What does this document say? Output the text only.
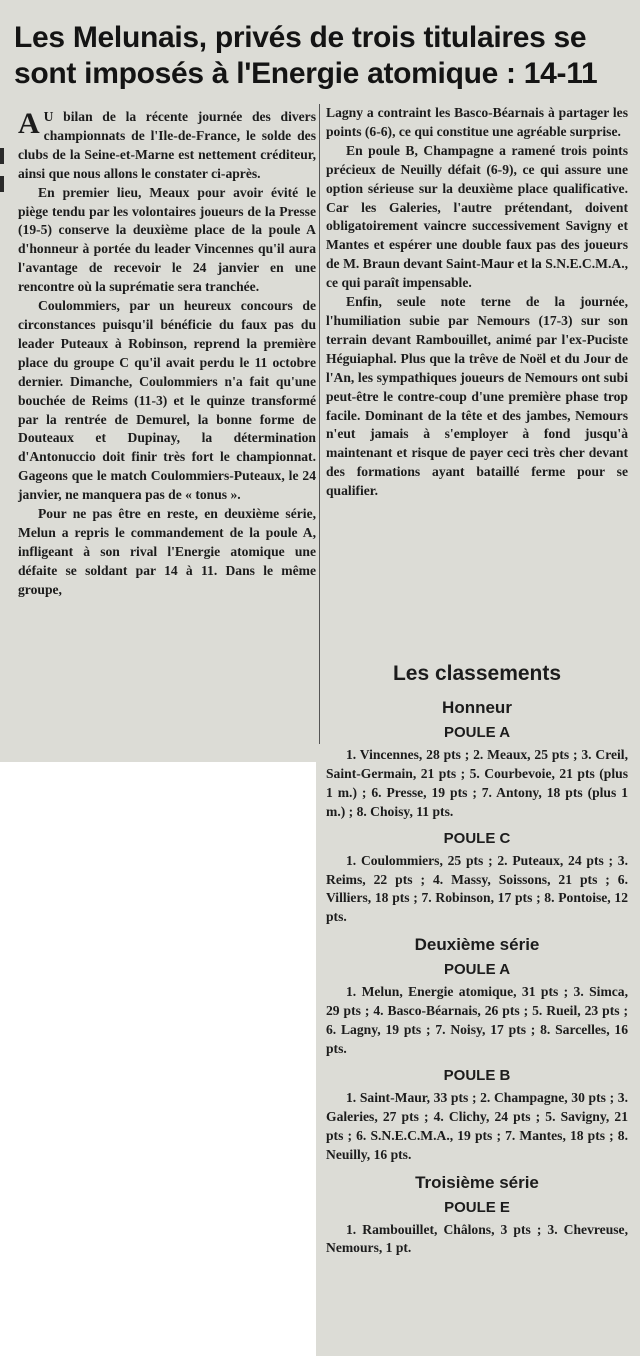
Les Melunais, privés de trois titulaires se sont imposés à l'Energie atomique : 14-11

A U bilan de la récente journée des divers championnats de l'Ile-de-France, le solde des clubs de la Seine-et-Marne est nettement créditeur, ainsi que nous allons le constater ci-après.

En premier lieu, Meaux pour avoir évité le piège tendu par les volontaires joueurs de la Presse (19-5) conserve la deuxième place de la poule A d'honneur à portée du leader Vincennes qu'il aura l'avantage de recevoir le 24 janvier en une rencontre où la suprématie sera tranchée.

Coulommiers, par un heureux concours de circonstances puisqu'il bénéficie du faux pas du leader Puteaux à Robinson, reprend la première place du groupe C qu'il avait perdu le 11 octobre dernier. Dimanche, Coulommiers n'a fait qu'une bouchée de Reims (11-3) et le quinze transformé par la rentrée de Demurel, la bonne forme de Douteaux et Dupinay, la détermination d'Antonuccio doit finir très fort le championnat. Gageons que le match Coulommiers-Puteaux, le 24 janvier, ne manquera pas de « tonus ».

Pour ne pas être en reste, en deuxième série, Melun a repris le commandement de la poule A, infligeant à son rival l'Energie atomique une défaite se soldant par 14 à 11. Dans le même groupe,

Lagny a contraint les Basco-Béarnais à partager les points (6-6), ce qui constitue une agréable surprise.

En poule B, Champagne a ramené trois points précieux de Neuilly défait (6-9), ce qui assure une option sérieuse sur la deuxième place qualificative. Car les Galeries, l'autre prétendant, doivent obligatoirement vaincre successivement Savigny et Mantes et espérer une double faux pas des joueurs de M. Braun devant Saint-Maur et la S.N.E.C.M.A., ce qui paraît impensable.

Enfin, seule note terne de la journée, l'humiliation subie par Nemours (17-3) sur son terrain devant Rambouillet, animé par l'ex-Puciste Héguiaphal. Plus que la trêve de Noël et du Jour de l'An, les sympathiques joueurs de Nemours ont subi peut-être le contre-coup d'une première phase trop facile. Dominant de la tête et des jambes, Nemours n'eut jamais à s'employer à fond jusqu'à maintenant et risque de payer ceci très cher devant des formations ayant bataillé ferme pour se qualifier.

Les classements
Honneur
POULE A

1. Vincennes, 28 pts ; 2. Meaux, 25 pts ; 3. Creil, Saint-Germain, 21 pts ; 5. Courbevoie, 21 pts (plus 1 m.) ; 6. Presse, 19 pts ; 7. Antony, 18 pts (plus 1 m.) ; 8. Choisy, 11 pts.

POULE C

1. Coulommiers, 25 pts ; 2. Puteaux, 24 pts ; 3. Reims, 22 pts ; 4. Massy, Soissons, 21 pts ; 6. Villiers, 18 pts ; 7. Robinson, 17 pts ; 8. Pontoise, 12 pts.

Deuxième série
POULE A

1. Melun, Energie atomique, 31 pts ; 3. Simca, 29 pts ; 4. Basco-Béarnais, 26 pts ; 5. Rueil, 23 pts ; 6. Lagny, 19 pts ; 7. Noisy, 17 pts ; 8. Sarcelles, 16 pts.

POULE B

1. Saint-Maur, 33 pts ; 2. Champagne, 30 pts ; 3. Galeries, 27 pts ; 4. Clichy, 24 pts ; 5. Savigny, 21 pts ; 6. S.N.E.C.M.A., 19 pts ; 7. Mantes, 18 pts ; 8. Neuilly, 16 pts.

Troisième série
POULE E

1. Rambouillet, Châlons, 3 pts ; 3. Chevreuse, Nemours, 1 pt.
